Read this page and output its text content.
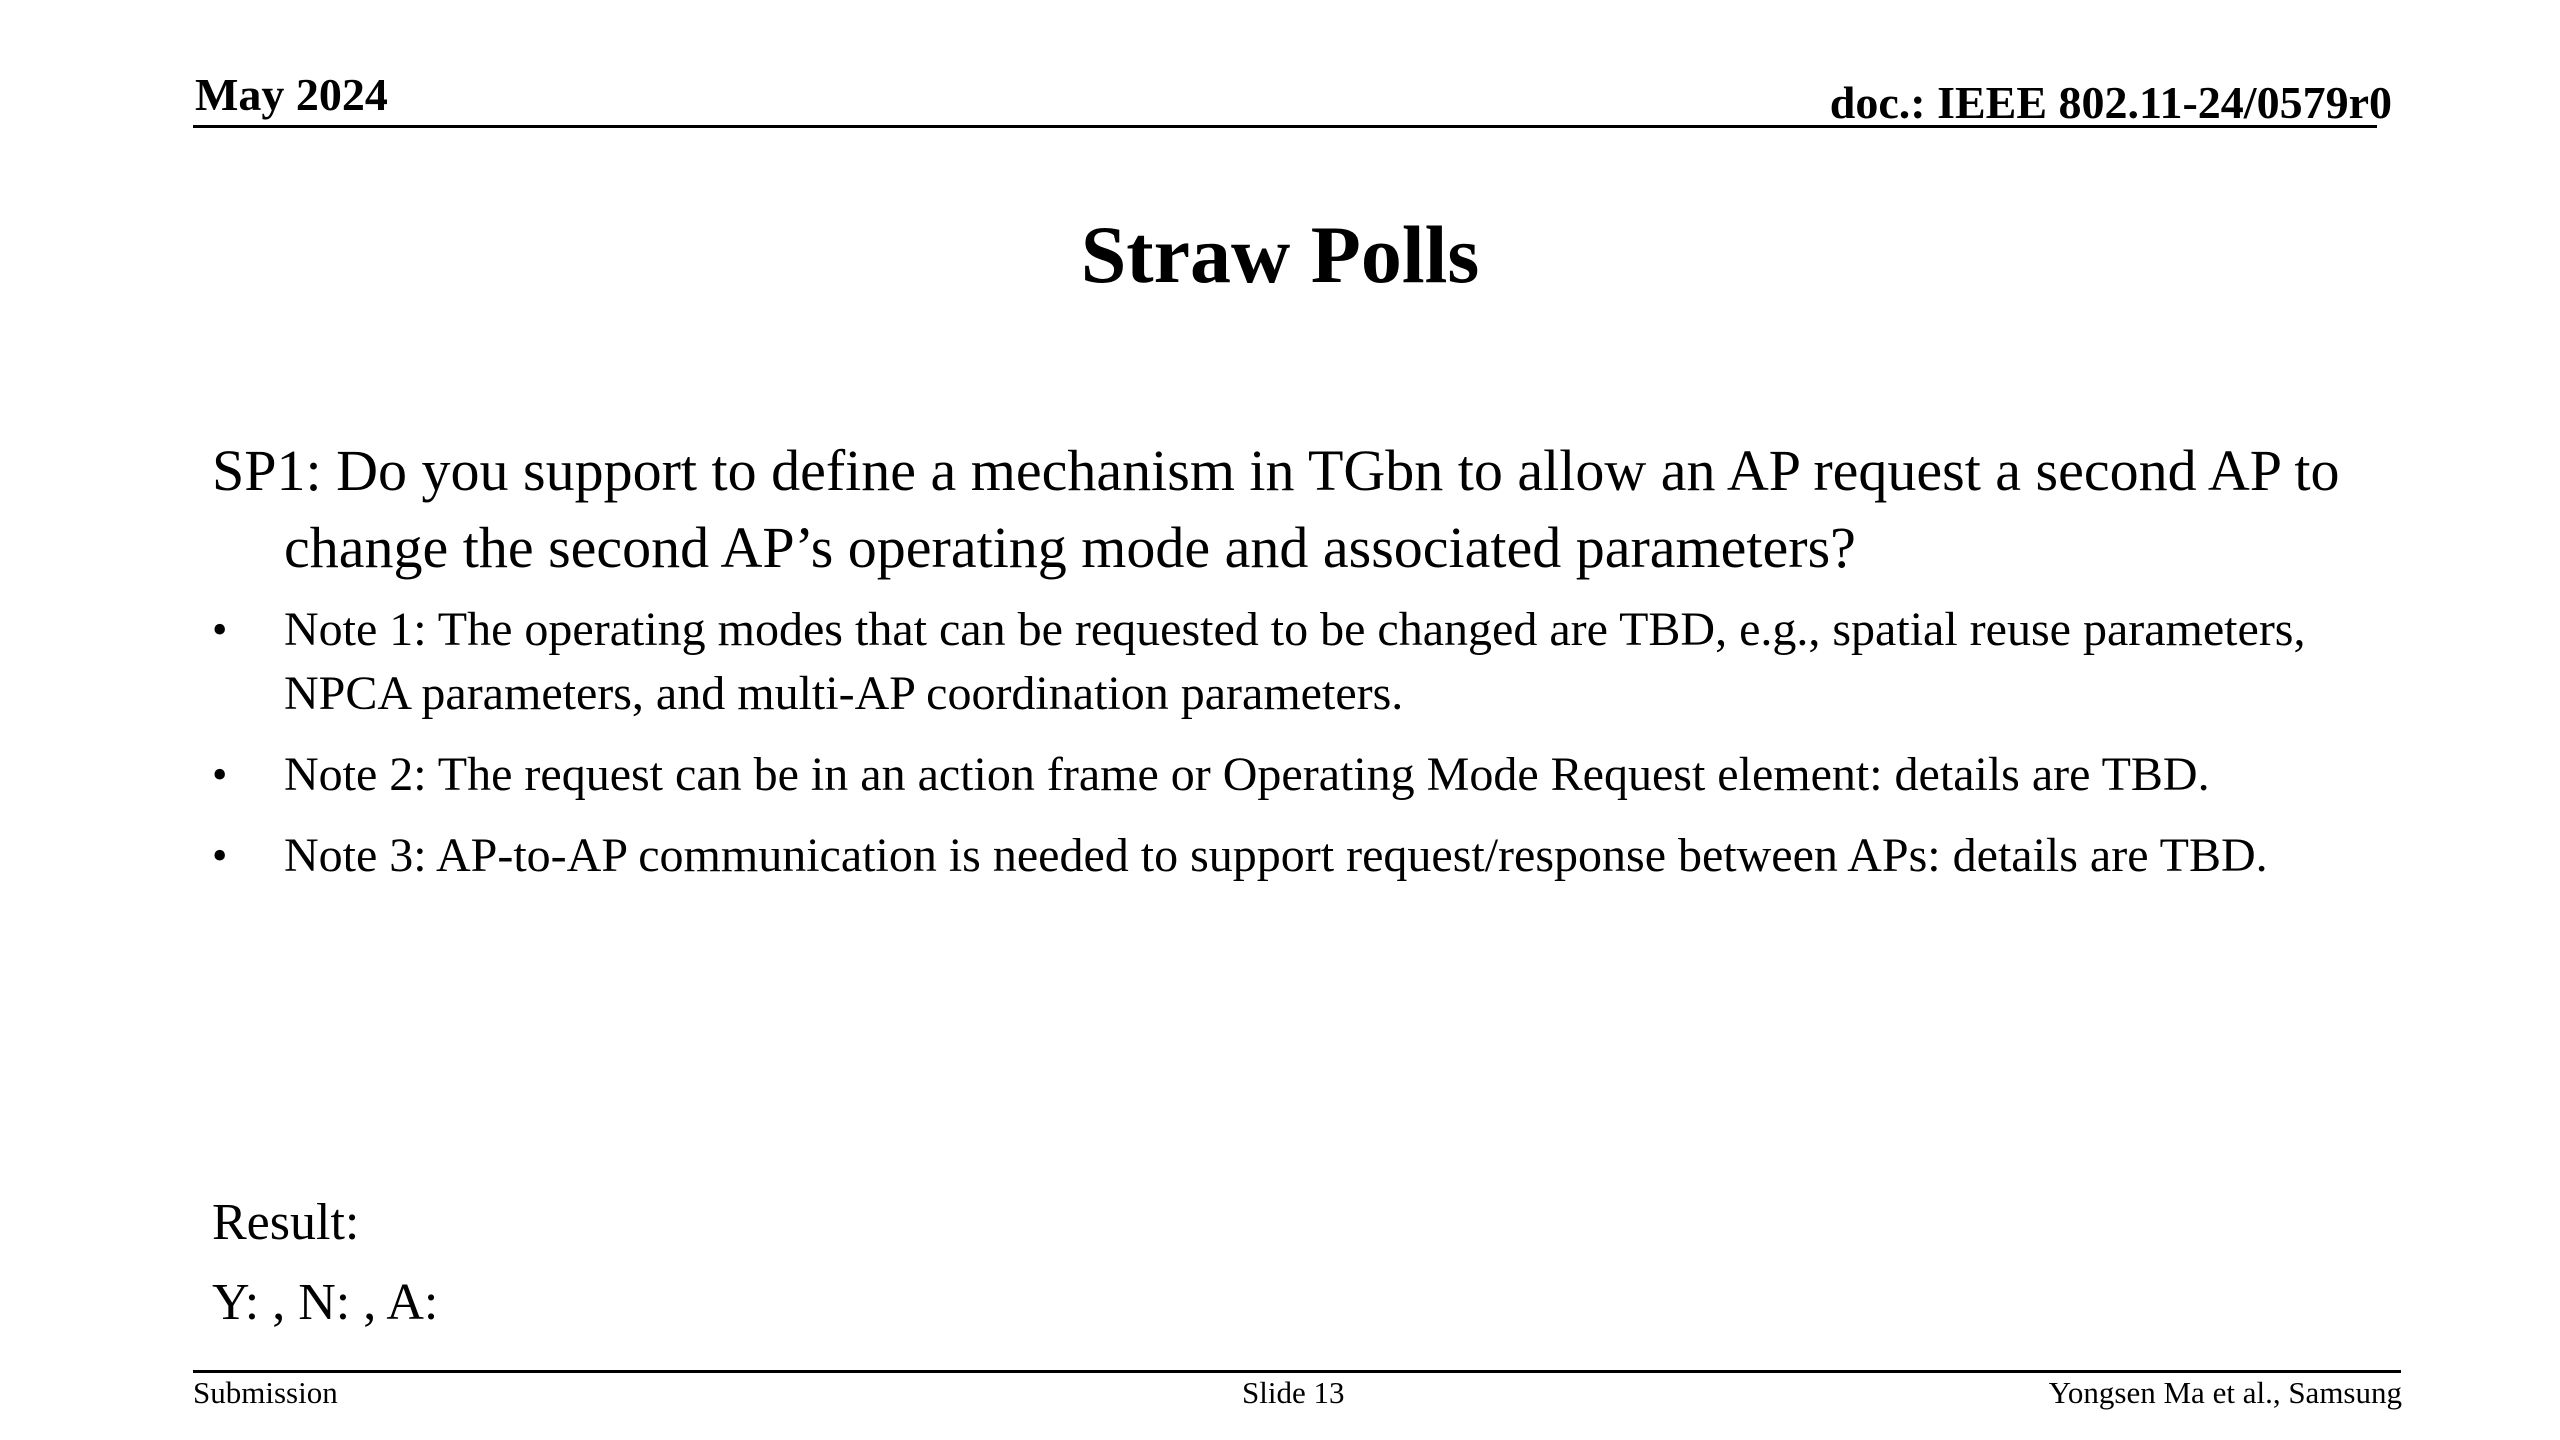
May 2024	doc.: IEEE 802.11-24/0579r0
Straw Polls

SP1: Do you support to define a mechanism in TGbn to allow an AP request a second AP to change the second AP’s operating mode and associated parameters?

• Note 1: The operating modes that can be requested to be changed are TBD, e.g., spatial reuse parameters, NPCA parameters, and multi-AP coordination parameters.
• Note 2: The request can be in an action frame or Operating Mode Request element: details are TBD.
• Note 3: AP-to-AP communication is needed to support request/response between APs: details are TBD.
Result:
Y: , N: , A:
Submission	Slide 13	Yongsen Ma et al., Samsung
